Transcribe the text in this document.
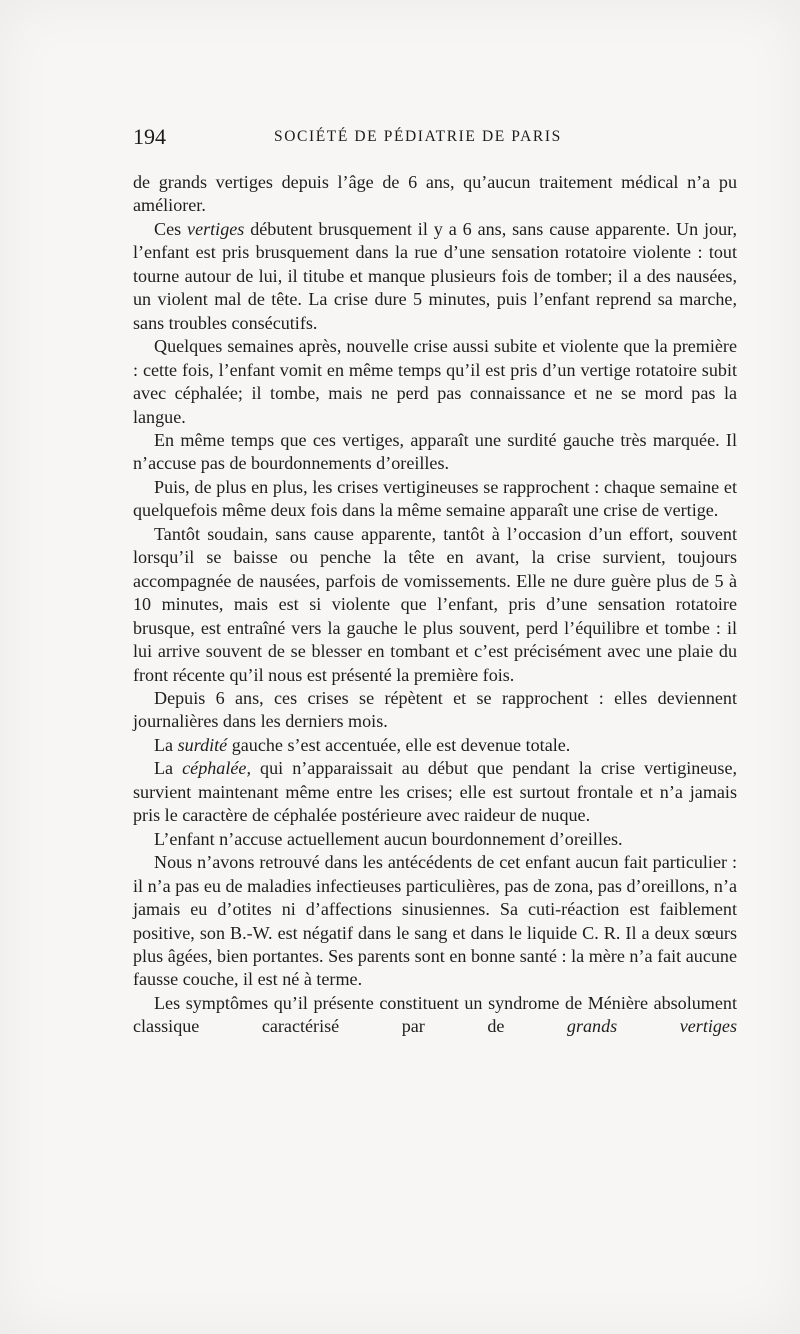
194	SOCIÉTÉ DE PÉDIATRIE DE PARIS

de grands vertiges depuis l’âge de 6 ans, qu’aucun traitement médical n’a pu améliorer.

Ces vertiges débutent brusquement il y a 6 ans, sans cause apparente. Un jour, l’enfant est pris brusquement dans la rue d’une sensation rotatoire violente : tout tourne autour de lui, il titube et manque plusieurs fois de tomber; il a des nausées, un violent mal de tête. La crise dure 5 minutes, puis l’enfant reprend sa marche, sans troubles consécutifs.

Quelques semaines après, nouvelle crise aussi subite et violente que la première : cette fois, l’enfant vomit en même temps qu’il est pris d’un vertige rotatoire subit avec céphalée; il tombe, mais ne perd pas connaissance et ne se mord pas la langue.

En même temps que ces vertiges, apparaît une surdité gauche très marquée. Il n’accuse pas de bourdonnements d’oreilles.

Puis, de plus en plus, les crises vertigineuses se rapprochent : chaque semaine et quelquefois même deux fois dans la même semaine apparaît une crise de vertige.

Tantôt soudain, sans cause apparente, tantôt à l’occasion d’un effort, souvent lorsqu’il se baisse ou penche la tête en avant, la crise survient, toujours accompagnée de nausées, parfois de vomissements. Elle ne dure guère plus de 5 à 10 minutes, mais est si violente que l’enfant, pris d’une sensation rotatoire brusque, est entraîné vers la gauche le plus souvent, perd l’équilibre et tombe : il lui arrive souvent de se blesser en tombant et c’est précisément avec une plaie du front récente qu’il nous est présenté la première fois.

Depuis 6 ans, ces crises se répètent et se rapprochent : elles deviennent journalières dans les derniers mois.

La surdité gauche s’est accentuée, elle est devenue totale.

La céphalée, qui n’apparaissait au début que pendant la crise vertigineuse, survient maintenant même entre les crises; elle est surtout frontale et n’a jamais pris le caractère de céphalée postérieure avec raideur de nuque.

L’enfant n’accuse actuellement aucun bourdonnement d’oreilles.

Nous n’avons retrouvé dans les antécédents de cet enfant aucun fait particulier : il n’a pas eu de maladies infectieuses particulières, pas de zona, pas d’oreillons, n’a jamais eu d’otites ni d’affections sinusiennes. Sa cuti-réaction est faiblement positive, son B.-W. est négatif dans le sang et dans le liquide C. R. Il a deux sœurs plus âgées, bien portantes. Ses parents sont en bonne santé : la mère n’a fait aucune fausse couche, il est né à terme.

Les symptômes qu’il présente constituent un syndrome de Ménière absolument classique caractérisé par de grands vertiges
